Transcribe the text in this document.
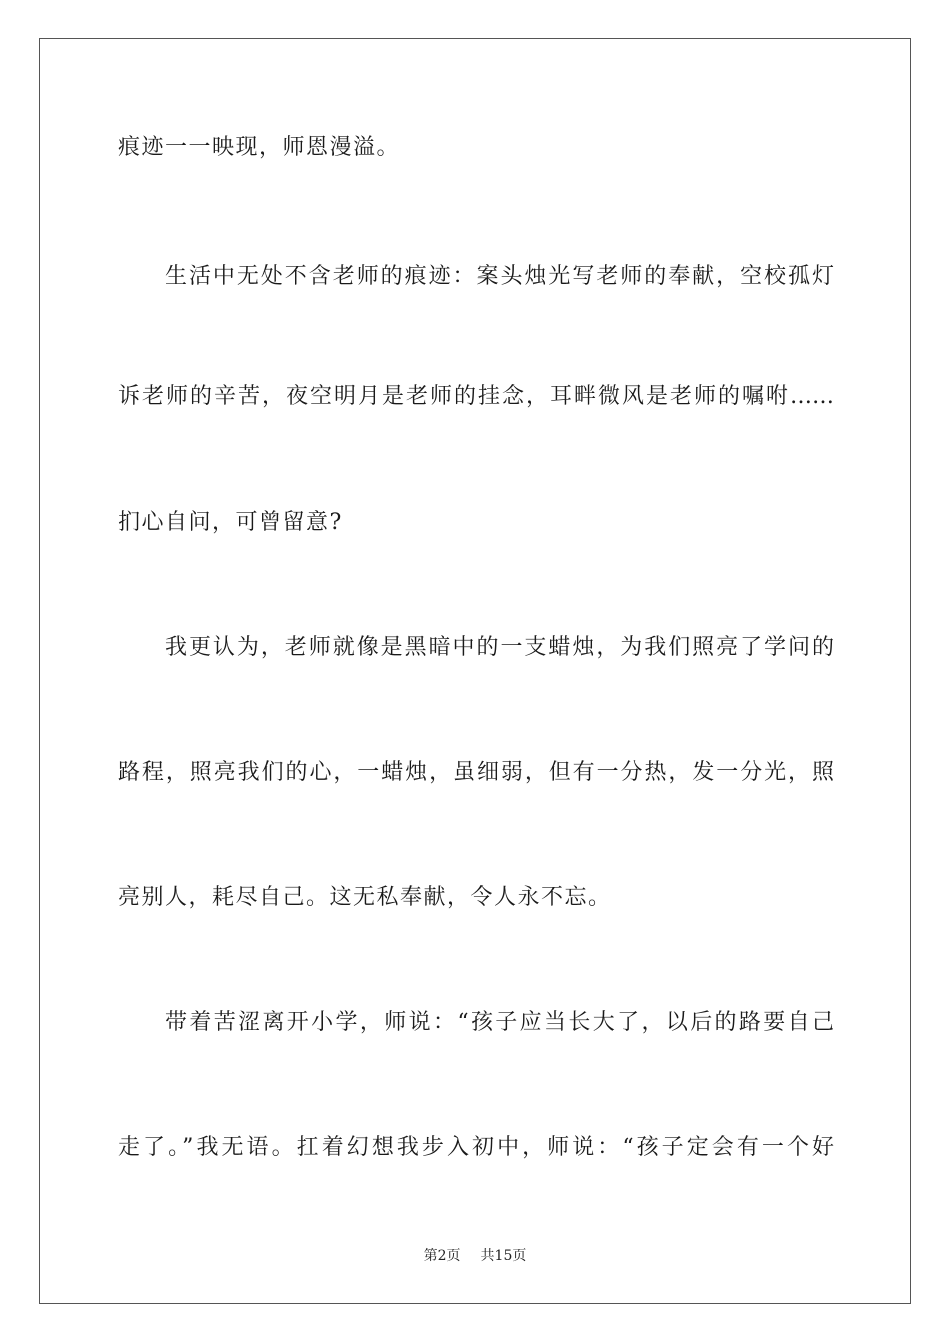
痕迹一一映现，师恩漫溢。
生活中无处不含老师的痕迹：案头烛光写老师的奉献，空校孤灯
诉老师的辛苦，夜空明月是老师的挂念，耳畔微风是老师的嘱咐……
扪心自问，可曾留意?
我更认为，老师就像是黑暗中的一支蜡烛，为我们照亮了学问的
路程，照亮我们的心，一蜡烛，虽细弱，但有一分热，发一分光，照
亮别人，耗尽自己。这无私奉献，令人永不忘。
带着苦涩离开小学，师说：“孩子应当长大了，以后的路要自己
走了。”我无语。扛着幻想我步入初中，师说：“孩子定会有一个好
第2页 共15页
